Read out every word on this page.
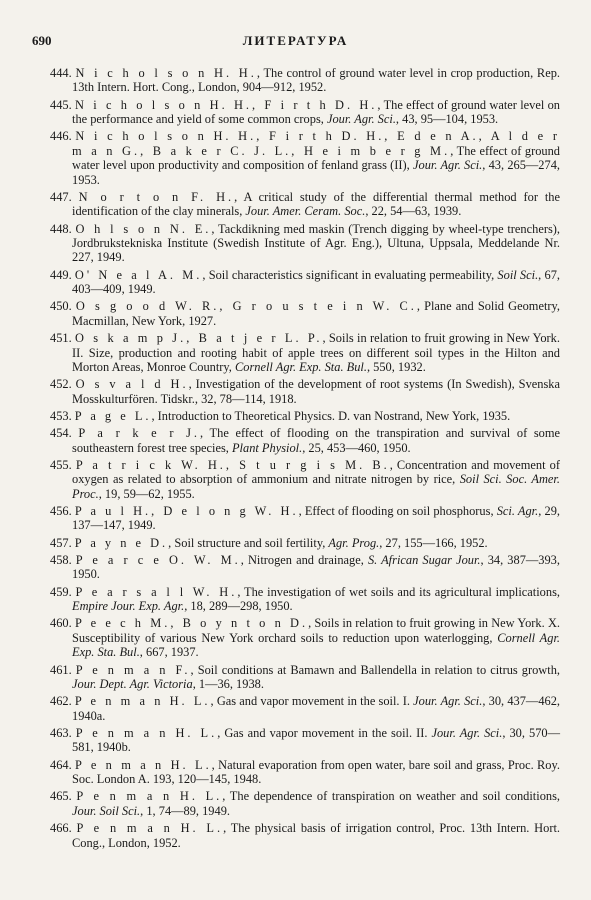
690	ЛИТЕРАТУРА

444. N i c h o l s o n H. H., The control of ground water level in crop production, Rep. 13th Intern. Hort. Cong., London, 904—912, 1952.

445. N i c h o l s o n H. H., F i r t h D. H., The effect of ground water level on the performance and yield of some common crops, Jour. Agr. Sci., 43, 95—104, 1953.

446. N i c h o l s o n H. H., F i r t h D. H., E d e n A., A l d e r m a n G., B a k e r C. J. L., H e i m b e r g M., The effect of ground water level upon productivity and composition of fenland grass (II), Jour. Agr. Sci., 43, 265—274, 1953.

447. N o r t o n F. H., A critical study of the differential thermal method for the identification of the clay minerals, Jour. Amer. Ceram. Soc., 22, 54—63, 1939.

448. O h l s o n N. E., Tackdikning med maskin (Trench digging by wheel-type trenchers), Jordbrukstekniska Institute (Swedish Institute of Agr. Eng.), Ultuna, Uppsala, Meddelande Nr. 227, 1949.

449. O' N e a l A. M., Soil characteristics significant in evaluating permeability, Soil Sci., 67, 403—409, 1949.

450. O s g o o d W. R., G r o u s t e i n W. C., Plane and Solid Geometry, Macmillan, New York, 1927.

451. O s k a m p J., B a t j e r L. P., Soils in relation to fruit growing in New York. II. Size, production and rooting habit of apple trees on different soil types in the Hilton and Morton Areas, Monroe Country, Cornell Agr. Exp. Sta. Bul., 550, 1932.

452. O s v a l d H., Investigation of the development of root systems (In Swedish), Svenska Mosskulturfören. Tidskr., 32, 78—114, 1918.

453. P a g e L., Introduction to Theoretical Physics. D. van Nostrand, New York, 1935.

454. P a r k e r J., The effect of flooding on the transpiration and survival of some southeastern forest tree species, Plant Physiol., 25, 453—460, 1950.

455. P a t r i c k W. H., S t u r g i s M. B., Concentration and movement of oxygen as related to absorption of ammonium and nitrate nitrogen by rice, Soil Sci. Soc. Amer. Proc., 19, 59—62, 1955.

456. P a u l H., D e l o n g W. H., Effect of flooding on soil phosphorus, Sci. Agr., 29, 137—147, 1949.

457. P a y n e D., Soil structure and soil fertility, Agr. Prog., 27, 155—166, 1952.

458. P e a r c e O. W. M., Nitrogen and drainage, S. African Sugar Jour., 34, 387—393, 1950.

459. P e a r s a l l W. H., The investigation of wet soils and its agricultural implications, Empire Jour. Exp. Agr., 18, 289—298, 1950.

460. P e e c h M., B o y n t o n D., Soils in relation to fruit growing in New York. X. Susceptibility of various New York orchard soils to reduction upon waterlogging, Cornell Agr. Exp. Sta. Bul., 667, 1937.

461. P e n m a n F., Soil conditions at Bamawn and Ballendella in relation to citrus growth, Jour. Dept. Agr. Victoria, 1—36, 1938.

462. P e n m a n H. L., Gas and vapor movement in the soil. I. Jour. Agr. Sci., 30, 437—462, 1940a.

463. P e n m a n H. L., Gas and vapor movement in the soil. II. Jour. Agr. Sci., 30, 570—581, 1940b.

464. P e n m a n H. L., Natural evaporation from open water, bare soil and grass, Proc. Roy. Soc. London A. 193, 120—145, 1948.

465. P e n m a n H. L., The dependence of transpiration on weather and soil conditions, Jour. Soil Sci., 1, 74—89, 1949.

466. P e n m a n H. L., The physical basis of irrigation control, Proc. 13th Intern. Hort. Cong., London, 1952.
